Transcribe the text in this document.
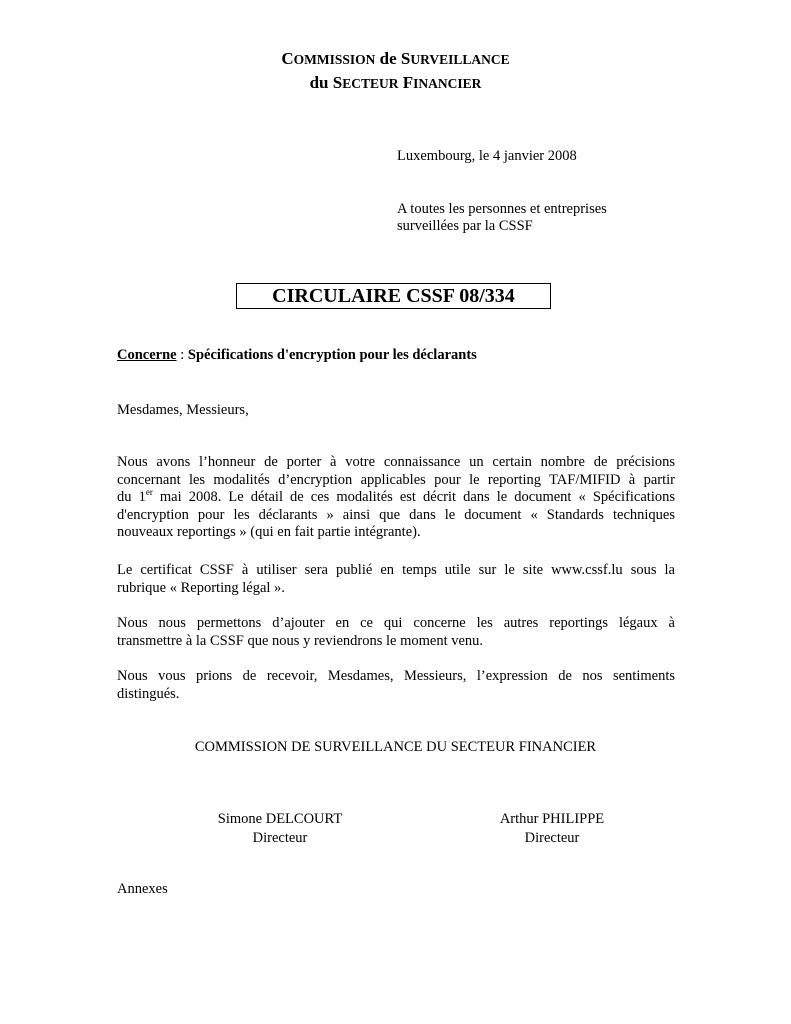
COMMISSION de SURVEILLANCE
du SECTEUR FINANCIER
Luxembourg, le 4 janvier 2008
A toutes les personnes et entreprises
surveillées par la CSSF
CIRCULAIRE CSSF 08/334
Concerne : Spécifications d'encryption pour les déclarants
Mesdames, Messieurs,
Nous avons l’honneur de porter à votre connaissance un certain nombre de précisions
concernant les modalités d’encryption applicables pour le reporting TAF/MIFID à partir
du 1er mai 2008. Le détail de ces modalités est décrit dans le document « Spécifications
d'encryption pour les déclarants » ainsi que dans le document « Standards techniques
nouveaux reportings » (qui en fait partie intégrante).
Le certificat CSSF à utiliser sera publié en temps utile sur le site www.cssf.lu sous la
rubrique « Reporting légal ».
Nous nous permettons d’ajouter en ce qui concerne les autres reportings légaux à
transmettre à la CSSF que nous y reviendrons le moment venu.
Nous vous prions de recevoir, Mesdames, Messieurs, l’expression de nos sentiments
distingués.
COMMISSION DE SURVEILLANCE DU SECTEUR FINANCIER
Simone DELCOURT
Directeur
Arthur PHILIPPE
Directeur
Annexes
